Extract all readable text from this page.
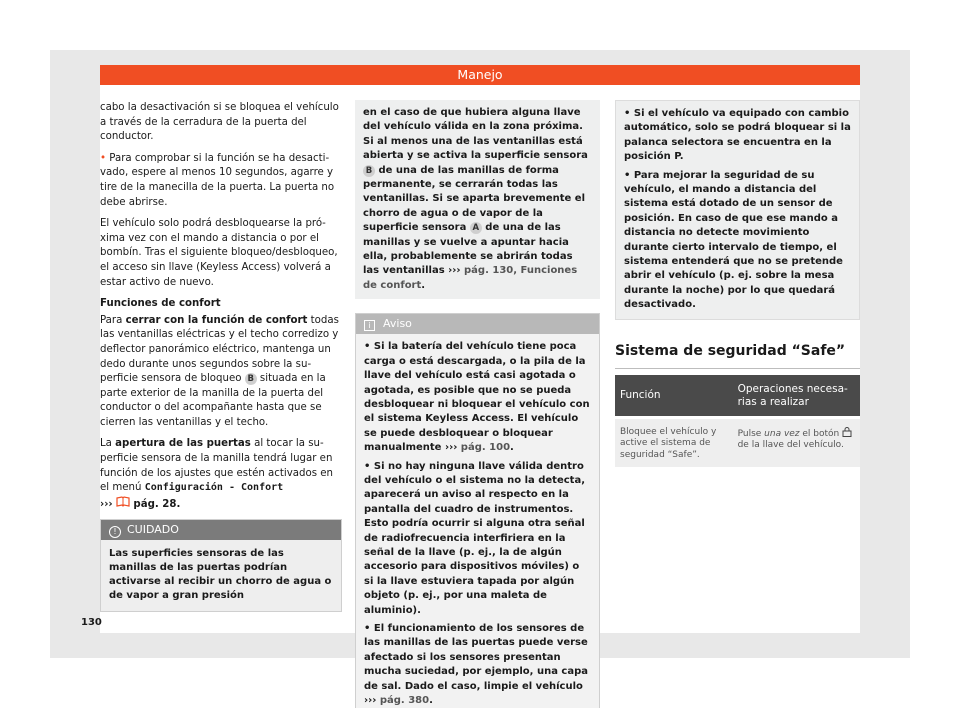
Manejo

cabo la desactivación si se bloquea el vehículo a través de la cerradura de la puerta del conductor.

• Para comprobar si la función se ha desactivado, espere al menos 10 segundos, agarre y tire de la manecilla de la puerta. La puerta no debe abrirse.

El vehículo solo podrá desbloquearse la próxima vez con el mando a distancia o por el bombín. Tras el siguiente bloqueo/desbloqueo, el acceso sin llave (Keyless Access) volverá a estar activo de nuevo.

Funciones de confort

Para cerrar con la función de confort todas las ventanillas eléctricas y el techo corredizo y deflector panorámico eléctrico, mantenga un dedo durante unos segundos sobre la superficie sensora de bloqueo B situada en la parte exterior de la manilla de la puerta del conductor o del acompañante hasta que se cierren las ventanillas y el techo.

La apertura de las puertas al tocar la superficie sensora de la manilla tendrá lugar en función de los ajustes que estén activados en el menú Configuración - Confort
›››  pág. 28.

! CUIDADO
Las superficies sensoras de las manillas de las puertas podrían activarse al recibir un chorro de agua o de vapor a gran presión
en el caso de que hubiera alguna llave del vehículo válida en la zona próxima. Si al menos una de las ventanillas está abierta y se activa la superficie sensora B de una de las manillas de forma permanente, se cerrarán todas las ventanillas. Si se aparta brevemente el chorro de agua o de vapor de la superficie sensora A de una de las manillas y se vuelve a apuntar hacia ella, probablemente se abrirán todas las ventanillas ››› pág. 130, Funciones de confort.
i Aviso

• Si la batería del vehículo tiene poca carga o está descargada, o la pila de la llave del vehículo está casi agotada o agotada, es posible que no se pueda desbloquear ni bloquear el vehículo con el sistema Keyless Access. El vehículo se puede desbloquear o bloquear manualmente ››› pág. 100.

• Si no hay ninguna llave válida dentro del vehículo o el sistema no la detecta, aparecerá un aviso al respecto en la pantalla del cuadro de instrumentos. Esto podría ocurrir si alguna otra señal de radiofrecuencia interfiriera en la señal de la llave (p. ej., la de algún accesorio para dispositivos móviles) o si la llave estuviera tapada por algún objeto (p. ej., por una maleta de aluminio).

• El funcionamiento de los sensores de las manillas de las puertas puede verse afectado si los sensores presentan mucha suciedad, por ejemplo, una capa de sal. Dado el caso, limpie el vehículo ››› pág. 380.

• Si el vehículo va equipado con cambio automático, solo se podrá bloquear si la palanca selectora se encuentra en la posición P.

• Para mejorar la seguridad de su vehículo, el mando a distancia del sistema está dotado de un sensor de posición. En caso de que ese mando a distancia no detecte movimiento durante cierto intervalo de tiempo, el sistema entenderá que no se pretende abrir el vehículo (p. ej. sobre la mesa durante la noche) por lo que quedará desactivado.

Sistema de seguridad “Safe”
Función	Operaciones necesarias a realizar
Bloquee el vehículo y active el sistema de seguridad “Safe”.	Pulse una vez el botón  de la llave del vehículo.
130
